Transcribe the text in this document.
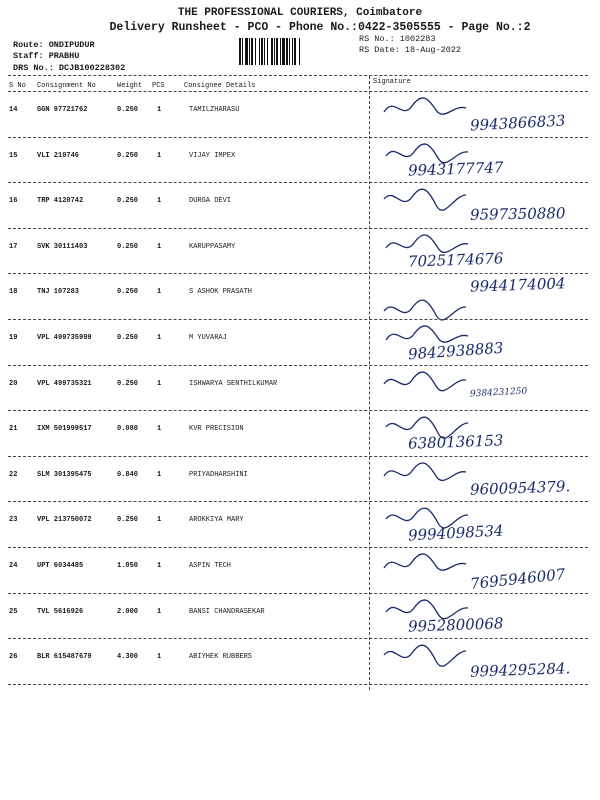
THE PROFESSIONAL COURIERS, Coimbatore
Delivery Runsheet - PCO - Phone No.:0422-3505555 - Page No.:2
Route: ONDIPUDUR
Staff: PRABHU
DRS No.: DCJB100228302
RS No.: 1002283
RS Date: 18-Aug-2022
S No Consignment No	Weight PCS	Consignee Details	Signature
14	GGN 97721762	0.250	1	TAMILZHARASU
9943866833
15	VLI 210746	0.250	1	VIJAY IMPEX
9943177747
16	TRP 4120742	0.250	1	DURGA DEVI
9597350880
17	SVK 30111403	0.250	1	KARUPPASAMY
7025174676
18	TNJ 107283	0.250	1	S ASHOK PRASATH	9944174004
19	VPL 499735999	0.250	1	M YUVARAJ
9842938883
20	VPL 499735321	0.250	1	ISHWARYA SENTHILKUMAR
9384231250
21	IXM 501999517	0.080	1	KVR PRECISION
6380136153
22	SLM 301395475	0.840	1	PRIYADHARSHINI
9600954379.
23	VPL 213750072	0.250	1	AROKKIYA MARY
9994098534
24	UPT 6034485	1.050	1	ASPIN TECH	7695946007
25	TVL 5616926	2.000	1	BANSI CHANDRASEKAR
9952800068
26	BLR 615487679	4.300	1	ABIYHEK RUBBERS
9994295284.
